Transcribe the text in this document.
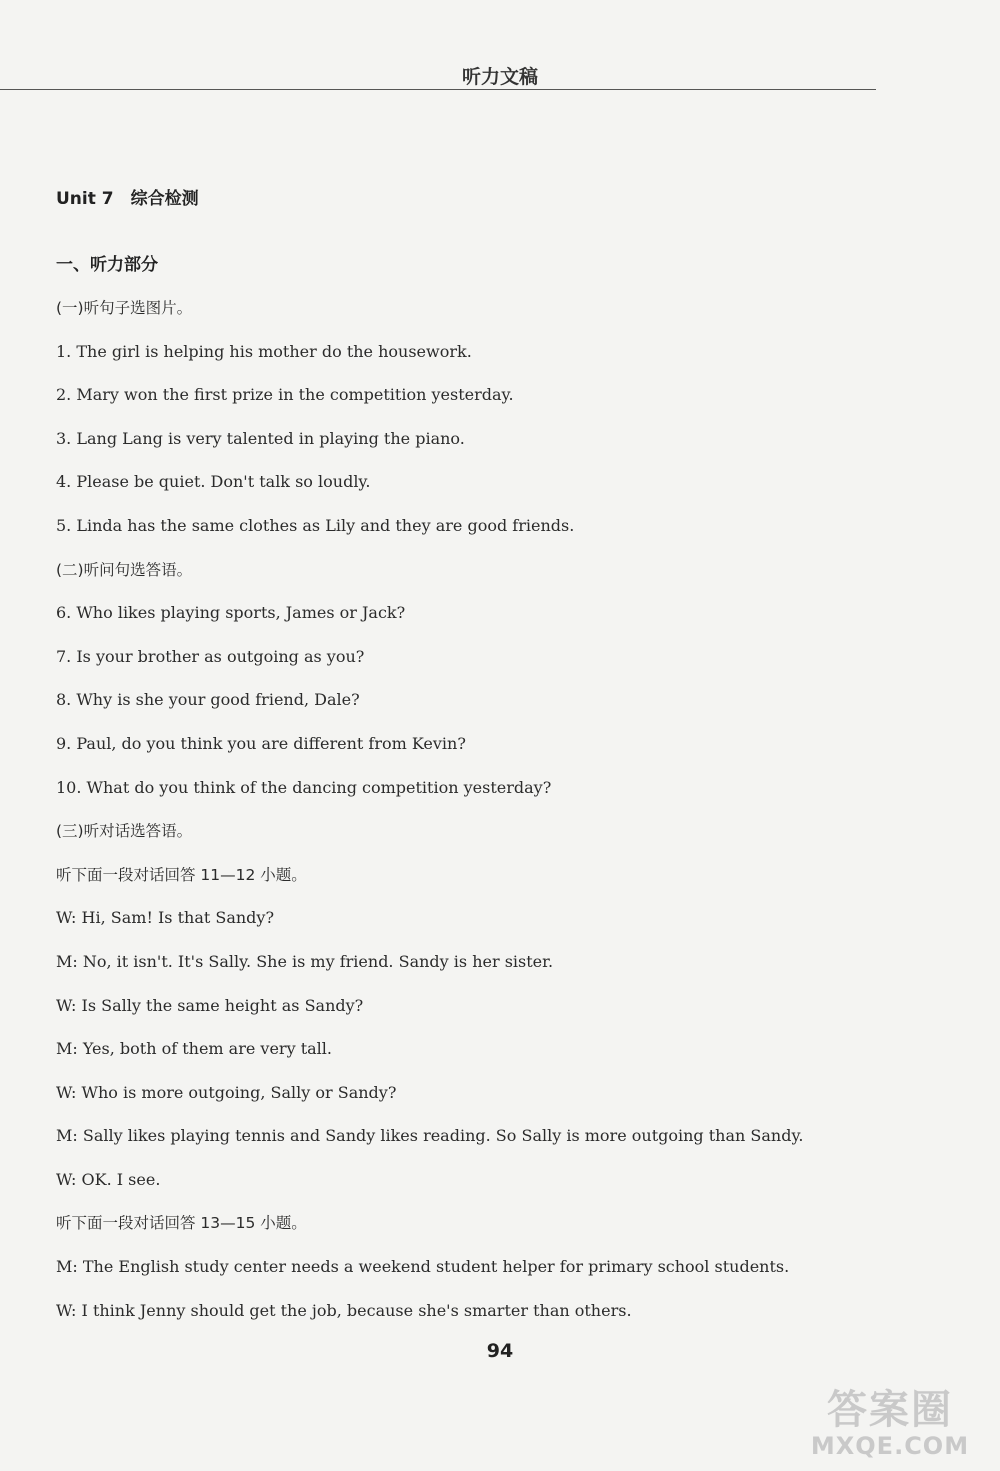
听力文稿
Unit 7　综合检测
一、听力部分
(一)听句子选图片。
1. The girl is helping his mother do the housework.
2. Mary won the first prize in the competition yesterday.
3. Lang Lang is very talented in playing the piano.
4. Please be quiet. Don't talk so loudly.
5. Linda has the same clothes as Lily and they are good friends.
(二)听问句选答语。
6. Who likes playing sports, James or Jack?
7. Is your brother as outgoing as you?
8. Why is she your good friend, Dale?
9. Paul, do you think you are different from Kevin?
10. What do you think of the dancing competition yesterday?
(三)听对话选答语。
听下面一段对话回答 11—12 小题。
W: Hi, Sam! Is that Sandy?
M: No, it isn't. It's Sally. She is my friend. Sandy is her sister.
W: Is Sally the same height as Sandy?
M: Yes, both of them are very tall.
W: Who is more outgoing, Sally or Sandy?
M: Sally likes playing tennis and Sandy likes reading. So Sally is more outgoing than Sandy.
W: OK. I see.
听下面一段对话回答 13—15 小题。
M: The English study center needs a weekend student helper for primary school students.
W: I think Jenny should get the job, because she's smarter than others.
94
答案圈
MXQE.COM
